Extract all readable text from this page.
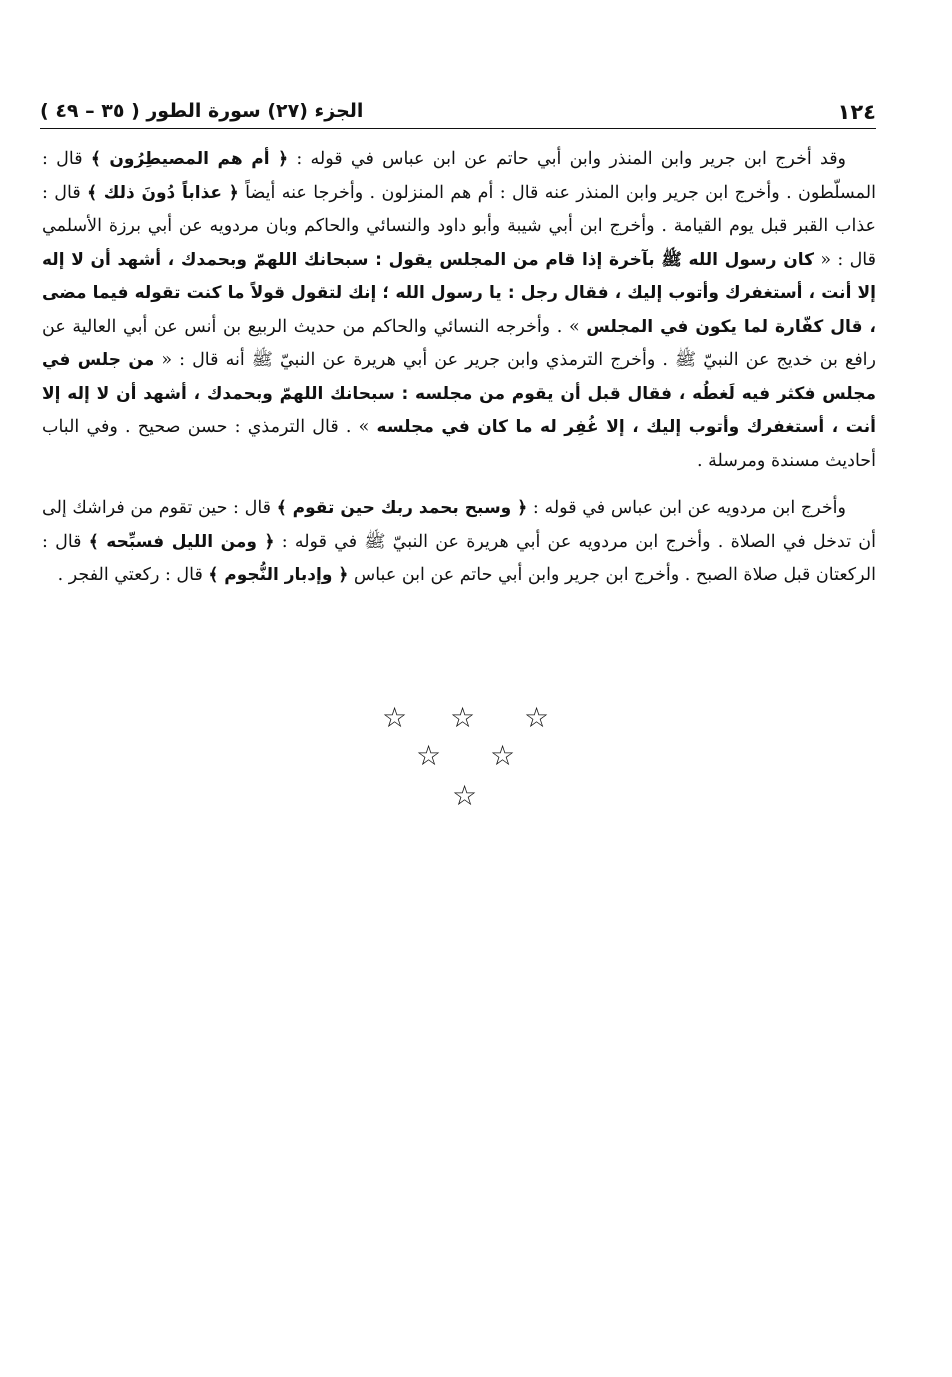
١٢٤
الجزء (٢٧) سورة الطور ( ٣٥ – ٤٩ )

وقد أخرج ابن جرير وابن المنذر وابن أبي حاتم عن ابن عباس في قوله : ﴿ أم هم المصيطِرُون ﴾ قال : المسلّطون . وأخرج ابن جرير وابن المنذر عنه قال : أم هم المنزلون . وأخرجا عنه أيضاً ﴿ عذاباً دُونَ ذلك ﴾ قال : عذاب القبر قبل يوم القيامة . وأخرج ابن أبي شيبة وأبو داود والنسائي والحاكم وبان مردويه عن أبي برزة الأسلمي قال : « كان رسول الله ﷺ بآخرة إذا قام من المجلس يقول : سبحانك اللهمّ وبحمدك ، أشهد أن لا إله إلا أنت ، أستغفرك وأتوب إليك ، فقال رجل : يا رسول الله ؛ إنك لتقول قولاً ما كنت تقوله فيما مضى ، قال كفّارة لما يكون في المجلس » . وأخرجه النسائي والحاكم من حديث الربيع بن أنس عن أبي العالية عن رافع بن خديج عن النبيّ ﷺ . وأخرج الترمذي وابن جرير عن أبي هريرة عن النبيّ ﷺ أنه قال : « من جلس في مجلس فكثر فيه لَغطُه ، فقال قبل أن يقوم من مجلسه : سبحانك اللهمّ وبحمدك ، أشهد أن لا إله إلا أنت ، أستغفرك وأتوب إليك ، إلا غُفِر له ما كان في مجلسه » . قال الترمذي : حسن صحيح . وفي الباب أحاديث مسندة ومرسلة .

وأخرج ابن مردويه عن ابن عباس في قوله : ﴿ وسبح بحمد ربك حين تقوم ﴾ قال : حين تقوم من فراشك إلى أن تدخل في الصلاة . وأخرج ابن مردويه عن أبي هريرة عن النبيّ ﷺ في قوله : ﴿ ومن الليل فسبِّحه ﴾ قال : الركعتان قبل صلاة الصبح . وأخرج ابن جرير وابن أبي حاتم عن ابن عباس ﴿ وإدبار النُّجوم ﴾ قال : ركعتي الفجر .

☆ ☆ ☆
☆ ☆
☆
